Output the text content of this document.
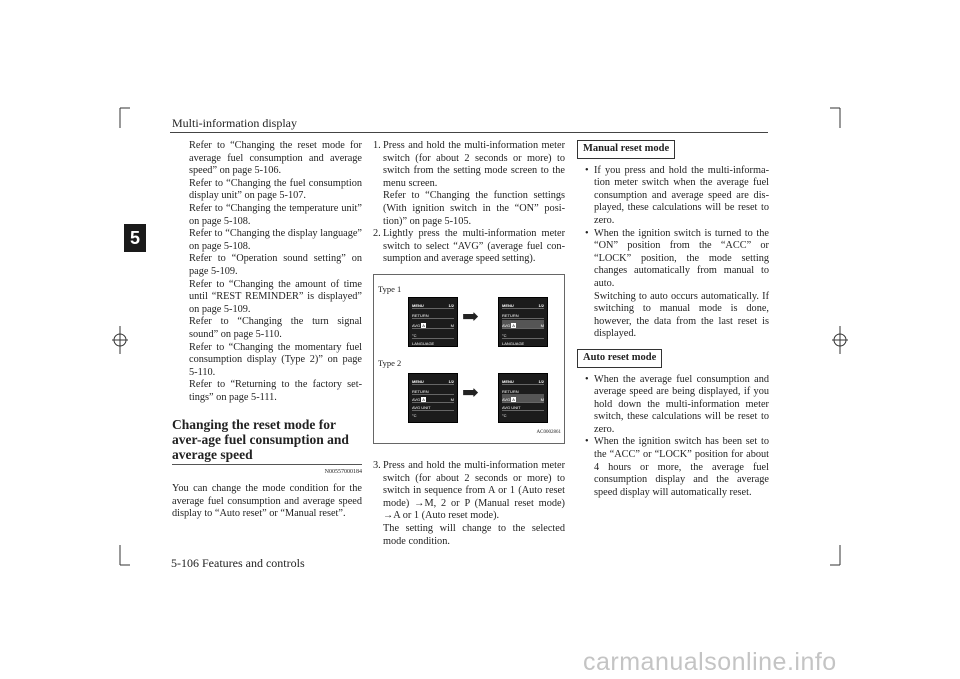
Multi-information display
5

Refer to “Changing the reset mode for average fuel consumption and average speed” on page 5-106.

Refer to “Changing the fuel consumption display unit” on page 5-107.

Refer to “Changing the temperature unit” on page 5-108.

Refer to “Changing the display language” on page 5-108.

Refer to “Operation sound setting” on page 5-109.

Refer to “Changing the amount of time until “REST REMINDER” is displayed” on page 5-109.

Refer to “Changing the turn signal sound” on page 5-110.

Refer to “Changing the momentary fuel consumption display (Type 2)” on page 5-110.

Refer to “Returning to the factory set-tings” on page 5-111.

Changing the reset mode for aver-age fuel consumption and average speed
N00557000184

You can change the mode condition for the average fuel consumption and average speed display to “Auto reset” or “Manual reset”.

1. Press and hold the multi-information meter switch (for about 2 seconds or more) to switch from the setting mode screen to the menu screen.

Refer to “Changing the function settings (With ignition switch in the “ON” posi-tion)” on page 5-105.

2. Lightly press the multi-information meter switch to select “AVG” (average fuel con-sumption and average speed setting).

Type 1
Type 2
MENU	1/2
RETURN
AVG A	M
°C
LANGUAGE
➡
MENU	1/2
RETURN
AVG A	M
°C
LANGUAGE
MENU	1/2
RETURN
AVG A	M
AVG UNIT
°C
➡
MENU	1/2
RETURN
AVG A	M
AVG UNIT
°C
AC0002861
3. Press and hold the multi-information meter switch (for about 2 seconds or more) to switch in sequence from A or 1 (Auto reset mode) →M, 2 or P (Manual reset mode) →A or 1 (Auto reset mode).

The setting will change to the selected mode condition.

Manual reset mode
• If you press and hold the multi-informa-tion meter switch when the average fuel consumption and average speed are dis-played, these calculations will be reset to zero.

• When the ignition switch is turned to the “ON” position from the “ACC” or “LOCK” position, the mode setting changes automatically from manual to auto.

Switching to auto occurs automatically. If switching to manual mode is done, however, the data from the last reset is displayed.

Auto reset mode
• When the average fuel consumption and average speed are being displayed, if you hold down the multi-information meter switch, these calculations will be reset to zero.

• When the ignition switch has been set to the “ACC” or “LOCK” position for about 4 hours or more, the average fuel consumption display and the average speed display will automatically reset.

5-106 Features and controls
carmanualsonline.info
